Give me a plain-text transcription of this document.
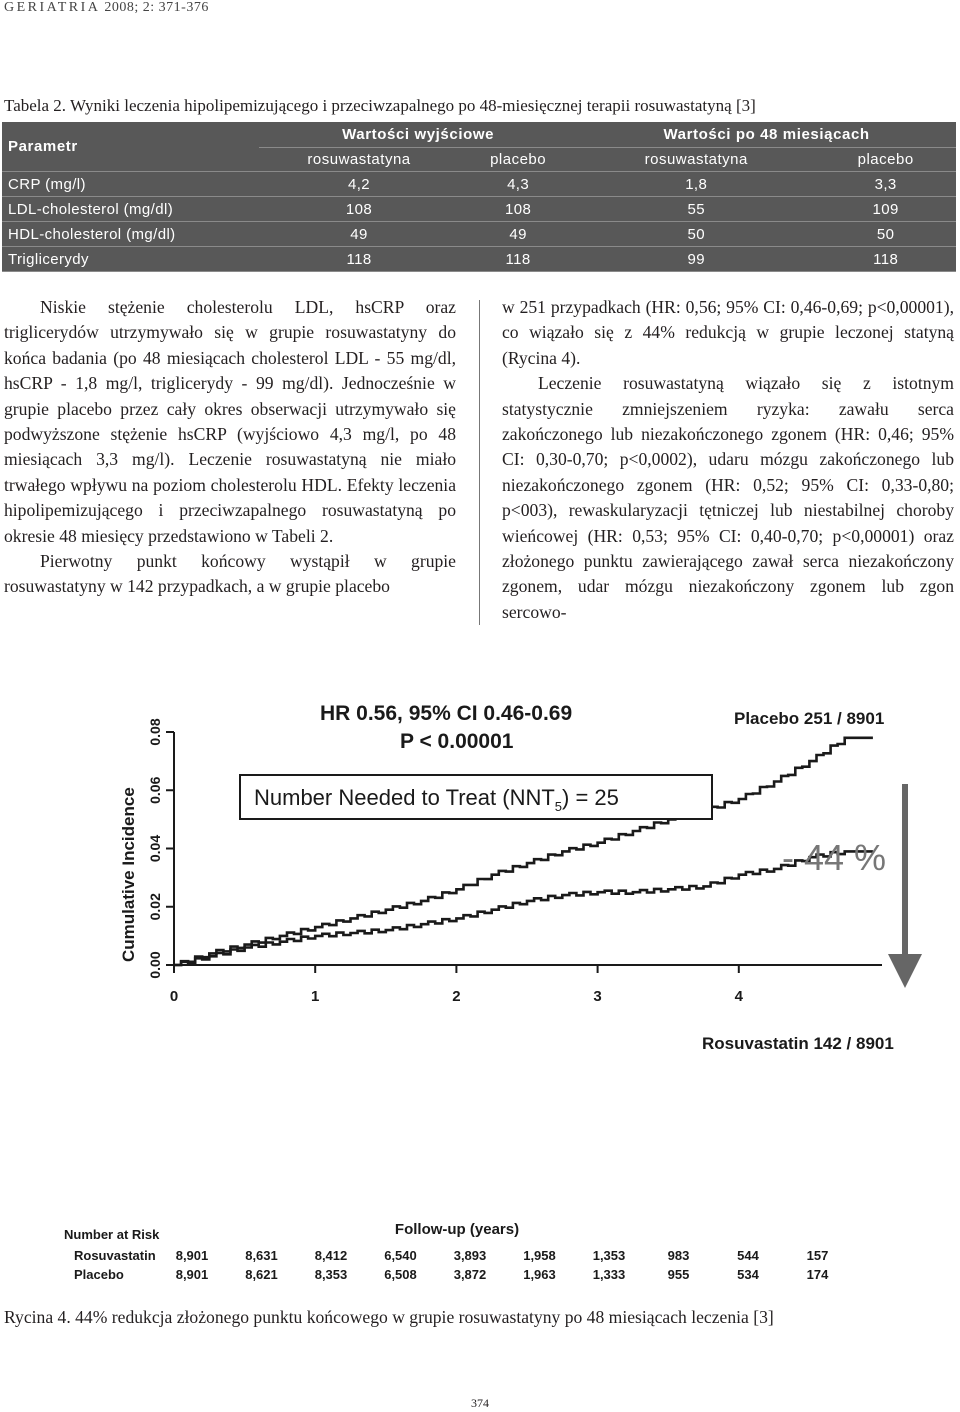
GERIATRIA 2008; 2: 371-376
Tabela 2. Wyniki leczenia hipolipemizującego i przeciwzapalnego po 48-miesięcznej terapii rosuwastatyną [3]
Parametr	Wartości wyjściowe		Wartości po 48 miesiącach	
	rosuwastatyna	placebo	rosuwastatyna	placebo
CRP (mg/l)	4,2	4,3	1,8	3,3
LDL-cholesterol (mg/dl)	108	108	55	109
HDL-cholesterol (mg/dl)	49	49	50	50
Triglicerydy	118	118	99	118

Niskie stężenie cholesterolu LDL, hsCRP oraz triglicerydów utrzymywało się w grupie rosuwastatyny do końca badania (po 48 miesiącach cholesterol LDL - 55 mg/dl, hsCRP - 1,8 mg/l, triglicerydy - 99 mg/dl). Jednocześnie w grupie placebo przez cały okres obserwacji utrzymywało się podwyższone stężenie hsCRP (wyjściowo 4,3 mg/l, po 48 miesiącach 3,3 mg/l). Leczenie rosuwastatyną nie miało trwałego wpływu na poziom cholesterolu HDL. Efekty leczenia hipolipemizującego i przeciwzapalnego rosuwastatyną po okresie 48 miesięcy przedstawiono w Tabeli 2.

Pierwotny punkt końcowy wystąpił w grupie rosuwastatyny w 142 przypadkach, a w grupie placebo

w 251 przypadkach (HR: 0,56; 95% CI: 0,46-0,69; p<0,00001), co wiązało się z 44% redukcją w grupie leczonej statyną (Rycina 4).

Leczenie rosuwastatyną wiązało się z istotnym statystycznie zmniejszeniem ryzyka: zawału serca zakończonego lub niezakończonego zgonem (HR: 0,46; 95% CI: 0,30-0,70; p<0,0002), udaru mózgu zakończonego lub niezakończonego zgonem (HR: 0,52; 95% CI: 0,33-0,80; p<003), rewaskularyzacji tętniczej lub niestabilnej choroby wieńcowej (HR: 0,53; 95% CI: 0,40-0,70; p<0,00001) oraz złożonego punktu zawierającego zawał serca niezakończony zgonem, udar mózgu niezakończony zgonem lub zgon sercowo-

0.00
0.02
0.04
0.06
0.08
0	1	2	3	4
Cumulative Incidence
Follow-up (years)
HR 0.56, 95% CI 0.46-0.69
P < 0.00001
Number Needed to Treat $(NNT_5) = 25$
Placebo 251 / 8901
Rosuvastatin 142 / 8901
- 44 %
Number at Risk
Rosuvastatin
Placebo
8,901	8,631	8,412	6,540	3,893	1,958	1,353	983	544	157
8,901	8,621	8,353	6,508	3,872	1,963	1,333	955	534	174
Rycina 4. 44% redukcja złożonego punktu końcowego w grupie rosuwastatyny po 48 miesiącach leczenia [3]
374
